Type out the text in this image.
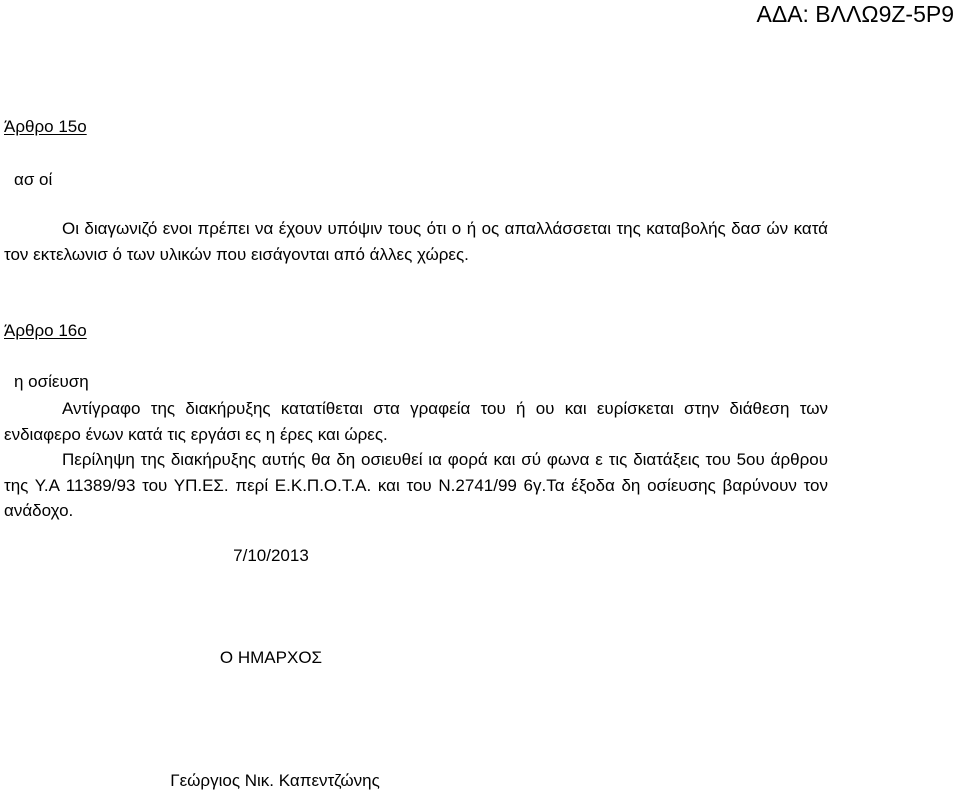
ΑΔΑ: ΒΛΛΩ9Ζ-5Ρ9
Άρθρο 15ο
ασ οί

Οι διαγωνιζό ενοι πρέπει να έχουν υπόψιν τους ότι ο ή ος απαλλάσσεται της καταβολής δασ ών κατά τον εκτελωνισ ό των υλικών που εισάγονται από άλλες χώρες.

Άρθρο 16ο
η οσίευση

Αντίγραφο της διακήρυξης κατατίθεται στα γραφεία του ή ου και ευρίσκεται στην διάθεση των ενδιαφερο ένων κατά τις εργάσι ες η έρες και ώρες.

Περίληψη της διακήρυξης αυτής θα δη οσιευθεί ια φορά και σύ φωνα ε τις διατάξεις του 5ου άρθρου της Υ.Α 11389/93 του ΥΠ.ΕΣ. περί Ε.Κ.Π.Ο.Τ.Α. και του Ν.2741/99 6γ.Τα έξοδα δη οσίευσης βαρύνουν τον ανάδοχο.

7/10/2013
Ο ΗΜΑΡΧΟΣ
Γεώργιος Νικ. Καπεντζώνης
